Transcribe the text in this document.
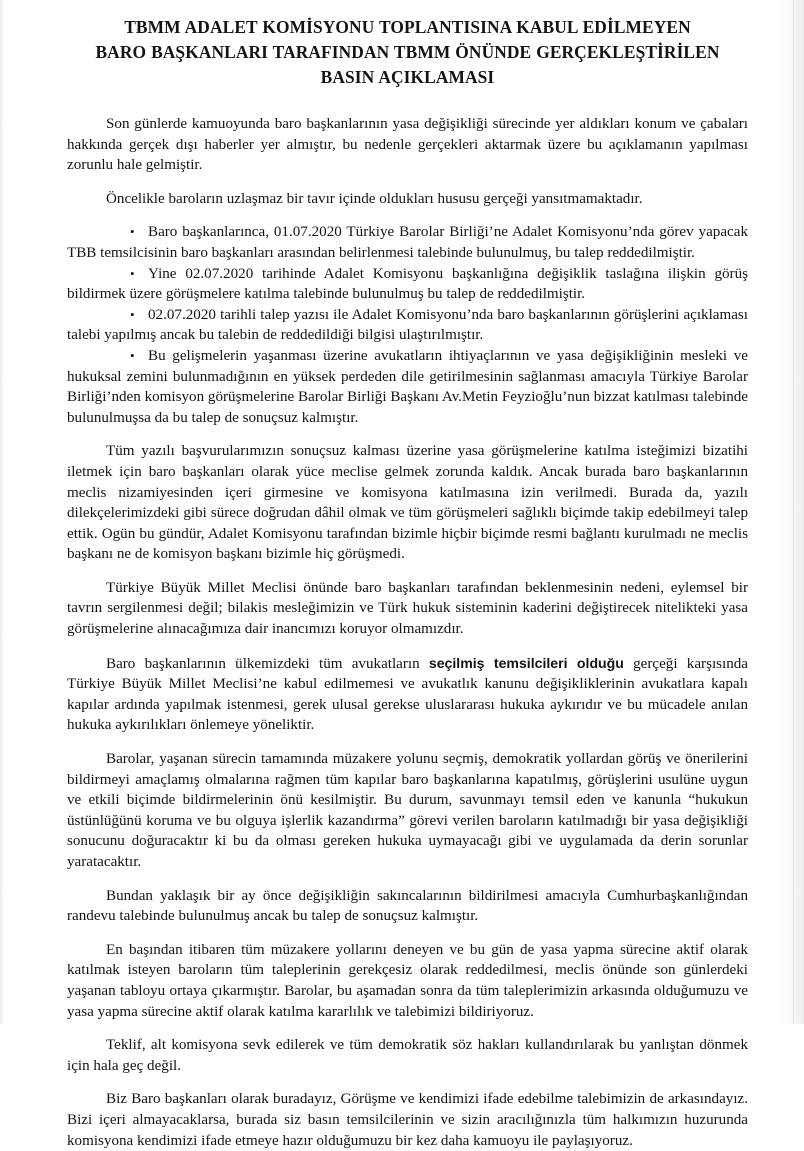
TBMM ADALET KOMİSYONU TOPLANTISINA KABUL EDİLMEYEN
BARO BAŞKANLARI TARAFINDAN TBMM ÖNÜNDE GERÇEKLEŞTİRİLEN
BASIN AÇIKLAMASI

Son günlerde kamuoyunda baro başkanlarının yasa değişikliği sürecinde yer aldıkları konum ve çabaları hakkında gerçek dışı haberler yer almıştır, bu nedenle gerçekleri aktarmak üzere bu açıklamanın yapılması zorunlu hale gelmiştir.

Öncelikle baroların uzlaşmaz bir tavır içinde oldukları hususu gerçeği yansıtmamaktadır.

• Baro başkanlarınca, 01.07.2020 Türkiye Barolar Birliği’ne Adalet Komisyonu’nda görev yapacak TBB temsilcisinin baro başkanları arasından belirlenmesi talebinde bulunulmuş, bu talep reddedilmiştir.
• Yine 02.07.2020 tarihinde Adalet Komisyonu başkanlığına değişiklik taslağına ilişkin görüş bildirmek üzere görüşmelere katılma talebinde bulunulmuş bu talep de reddedilmiştir.
• 02.07.2020 tarihli talep yazısı ile Adalet Komisyonu’nda baro başkanlarının görüşlerini açıklaması talebi yapılmış ancak bu talebin de reddedildiği bilgisi ulaştırılmıştır.
• Bu gelişmelerin yaşanması üzerine avukatların ihtiyaçlarının ve yasa değişikliğinin mesleki ve hukuksal zemini bulunmadığının en yüksek perdeden dile getirilmesinin sağlanması amacıyla Türkiye Barolar Birliği’nden komisyon görüşmelerine Barolar Birliği Başkanı Av.Metin Feyzioğlu’nun bizzat katılması talebinde bulunulmuşsa da bu talep de sonuçsuz kalmıştır.

Tüm yazılı başvurularımızın sonuçsuz kalması üzerine yasa görüşmelerine katılma isteğimizi bizatihi iletmek için baro başkanları olarak yüce meclise gelmek zorunda kaldık. Ancak burada baro başkanlarının meclis nizamiyesinden içeri girmesine ve komisyona katılmasına izin verilmedi. Burada da, yazılı dilekçelerimizdeki gibi sürece doğrudan dâhil olmak ve tüm görüşmeleri sağlıklı biçimde takip edebilmeyi talep ettik. Ogün bu gündür, Adalet Komisyonu tarafından bizimle hiçbir biçimde resmi bağlantı kurulmadı ne meclis başkanı ne de komisyon başkanı bizimle hiç görüşmedi.

Türkiye Büyük Millet Meclisi önünde baro başkanları tarafından beklenmesinin nedeni, eylemsel bir tavrın sergilenmesi değil; bilakis mesleğimizin ve Türk hukuk sisteminin kaderini değiştirecek nitelikteki yasa görüşmelerine alınacağımıza dair inancımızı koruyor olmamızdır.

Baro başkanlarının ülkemizdeki tüm avukatların seçilmiş temsilcileri olduğu gerçeği karşısında Türkiye Büyük Millet Meclisi’ne kabul edilmemesi ve avukatlık kanunu değişikliklerinin avukatlara kapalı kapılar ardında yapılmak istenmesi, gerek ulusal gerekse uluslararası hukuka aykırıdır ve bu mücadele anılan hukuka aykırılıkları önlemeye yöneliktir.

Barolar, yaşanan sürecin tamamında müzakere yolunu seçmiş, demokratik yollardan görüş ve önerilerini bildirmeyi amaçlamış olmalarına rağmen tüm kapılar baro başkanlarına kapatılmış, görüşlerini usulüne uygun ve etkili biçimde bildirmelerinin önü kesilmiştir. Bu durum, savunmayı temsil eden ve kanunla “hukukun üstünlüğünü koruma ve bu olguya işlerlik kazandırma” görevi verilen baroların katılmadığı bir yasa değişikliği sonucunu doğuracaktır ki bu da olması gereken hukuka uymayacağı gibi ve uygulamada da derin sorunlar yaratacaktır.

Bundan yaklaşık bir ay önce değişikliğin sakıncalarının bildirilmesi amacıyla Cumhurbaşkanlığından randevu talebinde bulunulmuş ancak bu talep de sonuçsuz kalmıştır.

En başından itibaren tüm müzakere yollarını deneyen ve bu gün de yasa yapma sürecine aktif olarak katılmak isteyen baroların tüm taleplerinin gerekçesiz olarak reddedilmesi, meclis önünde son günlerdeki yaşanan tabloyu ortaya çıkarmıştır. Barolar, bu aşamadan sonra da tüm taleplerimizin arkasında olduğumuzu ve yasa yapma sürecine aktif olarak katılma kararlılık ve talebimizi bildiriyoruz.

Teklif, alt komisyona sevk edilerek ve tüm demokratik söz hakları kullandırılarak bu yanlıştan dönmek için hala geç değil.

Biz Baro başkanları olarak buradayız, Görüşme ve kendimizi ifade edebilme talebimizin de arkasındayız. Bizi içeri almayacaklarsa, burada siz basın temsilcilerinin ve sizin aracılığınızla tüm halkımızın huzurunda komisyona kendimizi ifade etmeye hazır olduğumuzu bir kez daha kamuoyu ile paylaşıyoruz.
